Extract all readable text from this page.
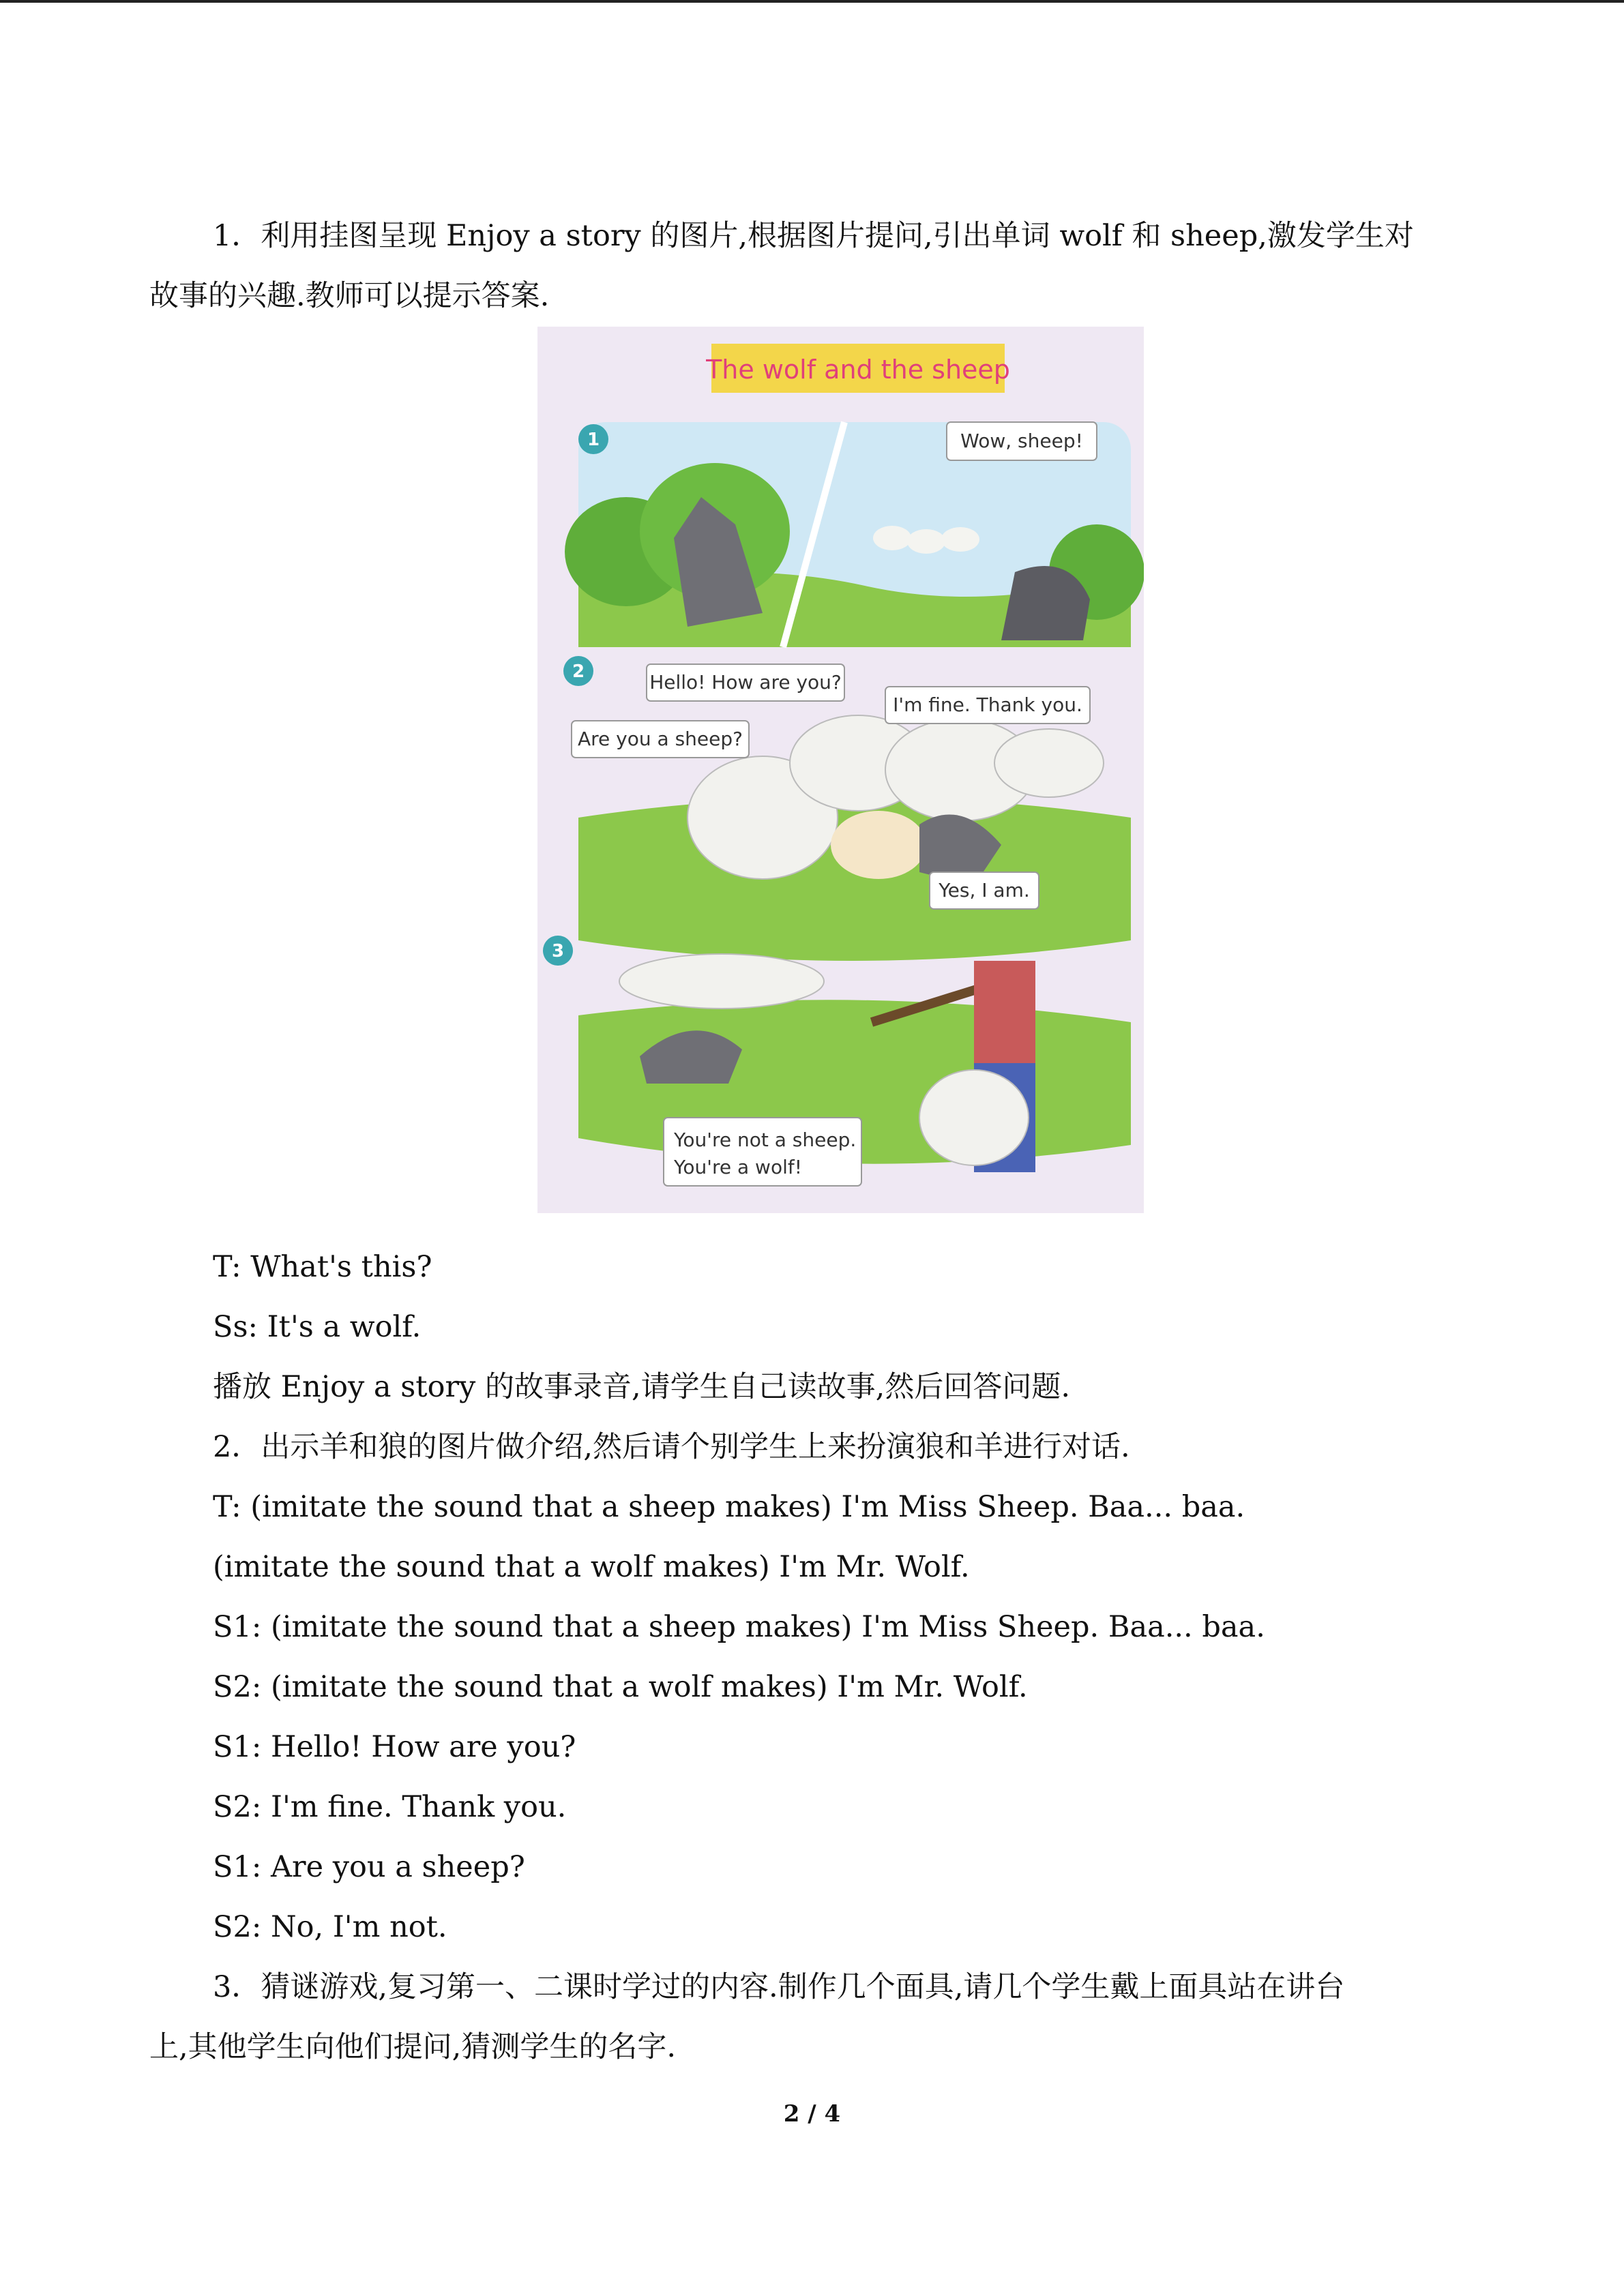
1．利用挂图呈现 Enjoy a story 的图片,根据图片提问,引出单词 wolf 和 sheep,激发学生对

故事的兴趣.教师可以提示答案.

The wolf and the sheep
1	Wow, sheep!
2	Hello! How are you?
I'm fine. Thank you.
Are you a sheep?
Yes, I am.
3
You're not a sheep.
You're a wolf!

T: What's this?

Ss: It's a wolf.

播放 Enjoy a story 的故事录音,请学生自己读故事,然后回答问题.

2．出示羊和狼的图片做介绍,然后请个别学生上来扮演狼和羊进行对话.

T: (imitate the sound that a sheep makes) I'm Miss Sheep. Baa... baa.

(imitate the sound that a wolf makes) I'm Mr. Wolf.

S1: (imitate the sound that a sheep makes) I'm Miss Sheep. Baa... baa.

S2: (imitate the sound that a wolf makes) I'm Mr. Wolf.

S1: Hello! How are you?

S2: I'm fine. Thank you.

S1: Are you a sheep?

S2: No, I'm not.

3．猜谜游戏,复习第一、二课时学过的内容.制作几个面具,请几个学生戴上面具站在讲台

上,其他学生向他们提问,猜测学生的名字.

2 / 4
